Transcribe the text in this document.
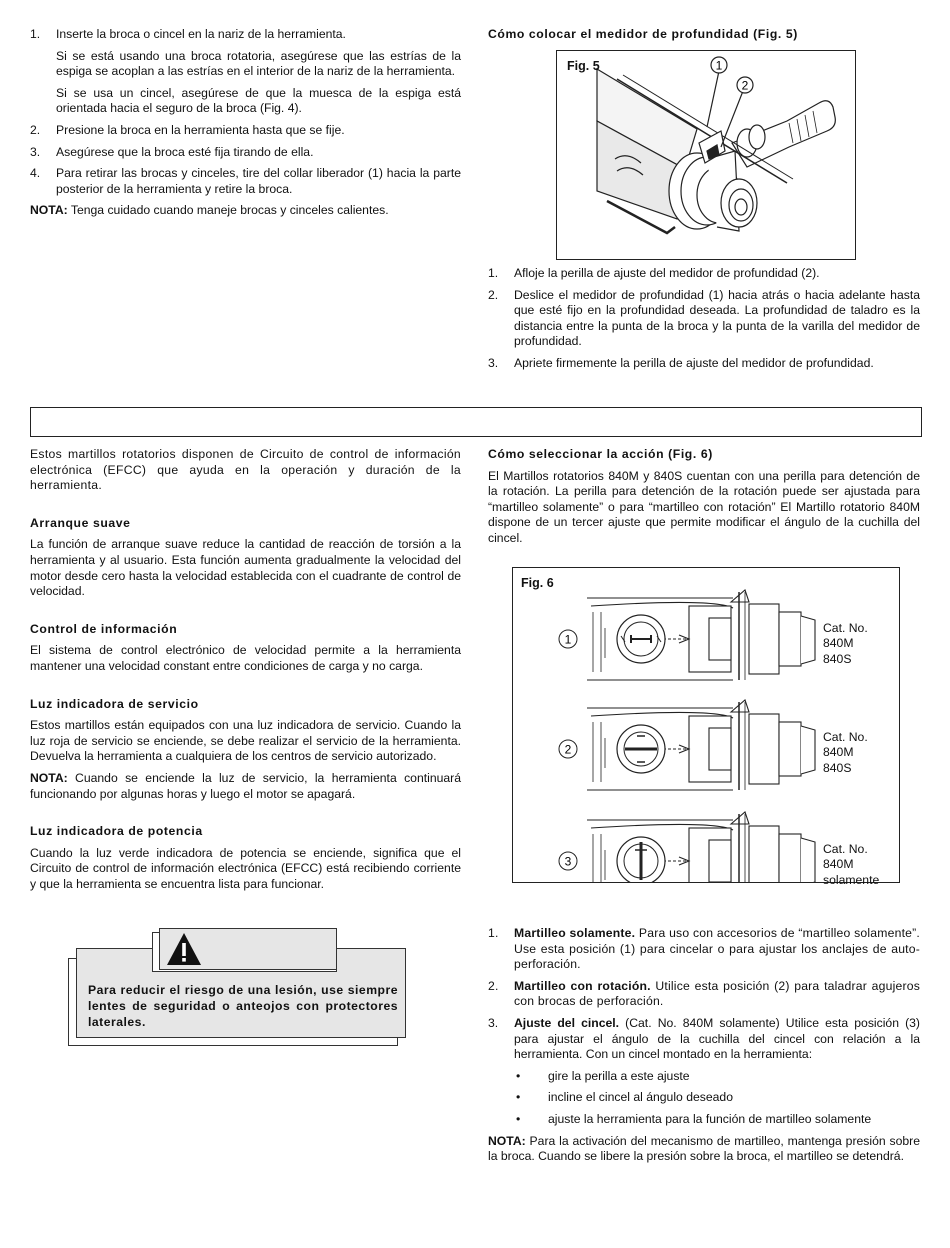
1. Inserte la broca o cincel en la nariz de la herramienta.
Si se está usando una broca rotatoria, asegúrese que las estrías de la espiga se acoplan a las estrías en el interior de la nariz de la herramienta.
Si se usa un cincel, asegúrese de que la muesca de la espiga está orientada hacia el seguro de la broca (Fig. 4).
2. Presione la broca en la herramienta hasta que se fije.
3. Asegúrese que la broca esté fija tirando de ella.
4. Para retirar las brocas y cinceles, tire del collar liberador (1) hacia la parte posterior de la herramienta y retire la broca.
NOTA: Tenga cuidado cuando maneje brocas y cinceles calientes.
Cómo colocar el medidor de profundidad (Fig. 5)
Fig. 5	1
2
1. Afloje la perilla de ajuste del medidor de profundidad (2).
2. Deslice el medidor de profundidad (1) hacia atrás o hacia adelante hasta que esté fijo en la profundidad deseada. La profundidad de taladro es la distancia entre la punta de la broca y la punta de la varilla del medidor de profundidad.
3. Apriete firmemente la perilla de ajuste del medidor de profundidad.
Estos martillos rotatorios disponen de Circuito de control de información electrónica (EFCC) que ayuda en la operación y duración de la herramienta.
Arranque suave
La función de arranque suave reduce la cantidad de reacción de torsión a la herramienta y al usuario. Esta función aumenta gradualmente la velocidad del motor desde cero hasta la velocidad establecida con el cuadrante de control de velocidad.
Control de información
El sistema de control electrónico de velocidad permite a la herramienta mantener una velocidad constant entre condiciones de carga y no carga.
Luz indicadora de servicio
Estos martillos están equipados con una luz indicadora de servicio. Cuando la luz roja de servicio se enciende, se debe realizar el servicio de la herramienta. Devuelva la herramienta a cualquiera de los centros de servicio autorizado.
NOTA: Cuando se enciende la luz de servicio, la herramienta continuará funcionando por algunas horas y luego el motor se apagará.
Luz indicadora de potencia
Cuando la luz verde indicadora de potencia se enciende, significa que el Circuito de control de información electrónica (EFCC) está recibiendo corriente y que la herramienta se encuentra lista para funcionar.
Para reducir el riesgo de una lesión, use siempre lentes de seguridad o anteojos con protectores laterales.
Cómo seleccionar la acción (Fig. 6)
El Martillos rotatorios 840M y 840S cuentan con una perilla para detención de la rotación. La perilla para detención de la rotación puede ser ajustada para “martilleo solamente” o para “martilleo con rotación” El Martillo rotatorio 840M dispone de un tercer ajuste que permite modificar el ángulo de la cuchilla del cincel.
Fig. 6
1
2
3
Cat. No.
840M
840S
Cat. No.
840M
840S
Cat. No.
840M
solamente
1. Martilleo solamente. Para uso con accesorios de “martilleo solamente”. Use esta posición (1) para cincelar o para ajustar los anclajes de auto-perforación.
2. Martilleo con rotación. Utilice esta posición (2) para taladrar agujeros con brocas de perforación.
3. Ajuste del cincel. (Cat. No. 840M solamente) Utilice esta posición (3) para ajustar el ángulo de la cuchilla del cincel con relación a la herramienta. Con un cincel montado en la herramienta:
• gire la perilla a este ajuste
• incline el cincel al ángulo deseado
• ajuste la herramienta para la función de martilleo solamente
NOTA: Para la activación del mecanismo de martilleo, mantenga presión sobre la broca. Cuando se libere la presión sobre la broca, el martilleo se detendrá.
